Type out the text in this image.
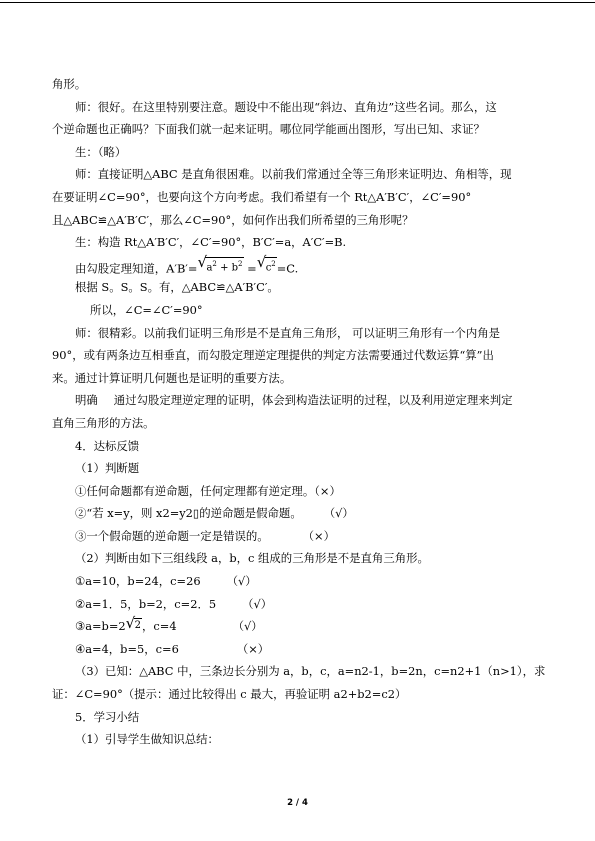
角形。
师：很好。在这里特别要注意。题设中不能出现“斜边、直角边”这些名词。那么，这
个逆命题也正确吗？下面我们就一起来证明。哪位同学能画出图形，写出已知、求证？
生：（略）
师：直接证明△ABC 是直角很困难。以前我们常通过全等三角形来证明边、角相等，现
在要证明∠C=90°，也要向这个方向考虑。我们希望有一个 Rt△A′B′C′，∠C′=90°
且△ABC≌△A′B′C′，那么∠C=90°，如何作出我们所希望的三角形呢？
生：构造 Rt△A′B′C′，∠C′=90°，B′C′=a，A′C′=B.
由勾股定理知道，A′B′= √ $a^2 + b^2$ = √ $c^2=C$.
根据 S。S。S。有，△ABC≌△A′B′C′。
所以，∠C=∠C′=90°
师：很精彩。以前我们证明三角形是不是直角三角形， 可以证明三角形有一个内角是
90°，或有两条边互相垂直，而勾股定理逆定理提供的判定方法需要通过代数运算“算”出
来。通过计算证明几何题也是证明的重要方法。
明确 通过勾股定理逆定理的证明，体会到构造法证明的过程，以及利用逆定理来判定
直角三角形的方法。
4．达标反馈
（1）判断题
①任何命题都有逆命题，任何定理都有逆定理。（×）
②“若 x=y，则 x2=y2▯的逆命题是假命题。 （√）
③一个假命题的逆命题一定是错误的。	（×）
（2）判断由如下三组线段 a，b，c 组成的三角形是不是直角三角形。
①a=10，b=24，c=26 （√）
②a=1．5，b=2，c=2．5 （√）
③a=b=2 √ 2，c=4	（√）
④a=4，b=5，c=6	（×）
（3）已知：△ABC 中，三条边长分别为 a，b，c，a=n2-1，b=2n，c=n2+1（n>1），求
证：∠C=90°（提示：通过比较得出 c 最大，再验证明 a2+b2=c2）
5．学习小结
（1）引导学生做知识总结：
2 / 4
